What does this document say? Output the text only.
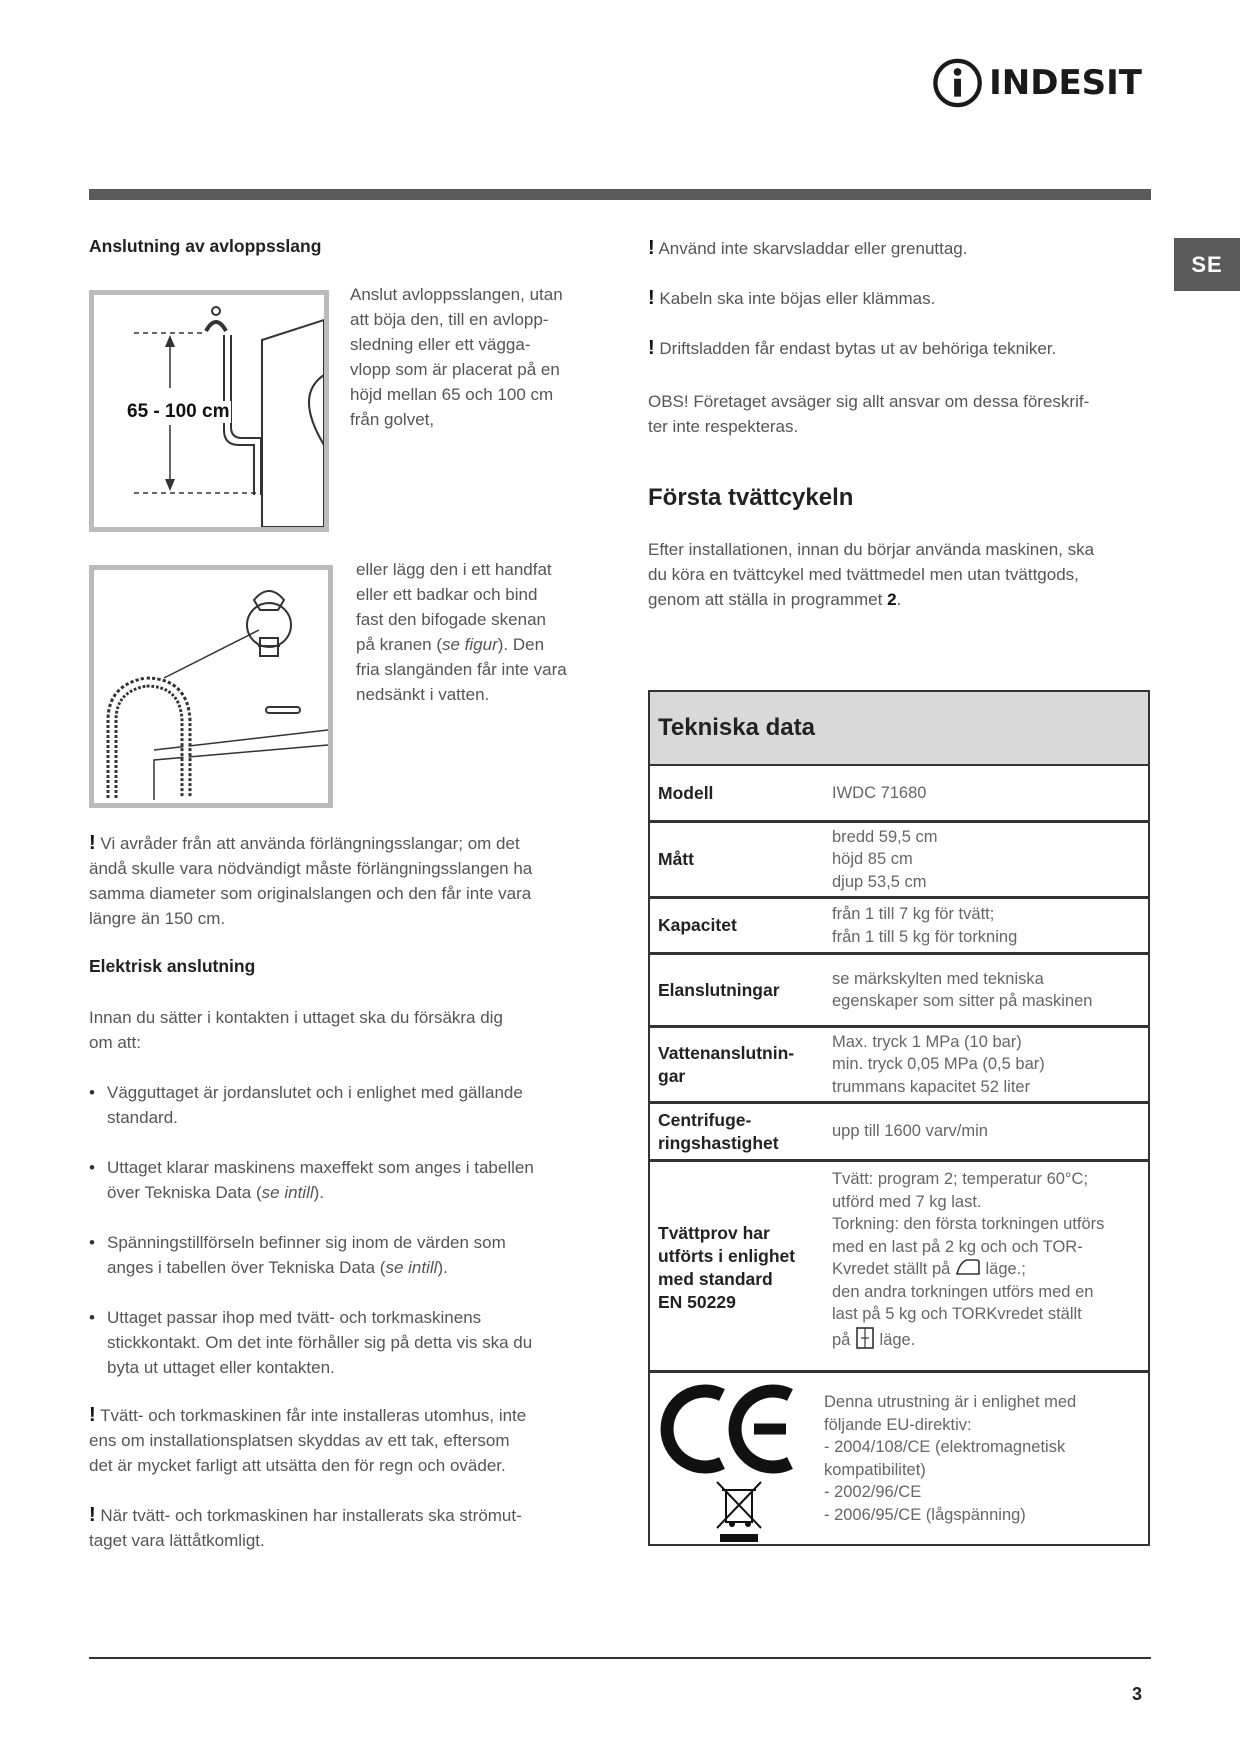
INDESIT
SE
Anslutning av avloppsslang
65 - 100 cm
Anslut avloppsslangen, utan
att böja den, till en avlopp-
sledning eller ett vägga-
vlopp som är placerat på en
höjd mellan 65 och 100 cm
från golvet,
eller lägg den i ett handfat
eller ett badkar och bind
fast den bifogade skenan
på kranen (se figur). Den
fria slangänden får inte vara
nedsänkt i vatten.
! Vi avråder från att använda förlängningsslangar; om det
ändå skulle vara nödvändigt måste förlängningsslangen ha
samma diameter som originalslangen och den får inte vara
längre än 150 cm.
Elektrisk anslutning
Innan du sätter i kontakten i uttaget ska du försäkra dig
om att:
• Vägguttaget är jordanslutet och i enlighet med gällande
standard.
• Uttaget klarar maskinens maxeffekt som anges i tabellen
över Tekniska Data (se intill).
• Spänningstillförseln befinner sig inom de värden som
anges i tabellen över Tekniska Data (se intill).
• Uttaget passar ihop med tvätt- och torkmaskinens
stickkontakt. Om det inte förhåller sig på detta vis ska du
byta ut uttaget eller kontakten.
! Tvätt- och torkmaskinen får inte installeras utomhus, inte
ens om installationsplatsen skyddas av ett tak, eftersom
det är mycket farligt att utsätta den för regn och oväder.
! När tvätt- och torkmaskinen har installerats ska strömut-
taget vara lättåtkomligt.
! Använd inte skarvsladdar eller grenuttag.
! Kabeln ska inte böjas eller klämmas.
! Driftsladden får endast bytas ut av behöriga tekniker.
OBS! Företaget avsäger sig allt ansvar om dessa föreskrif-
ter inte respekteras.
Första tvättcykeln
Efter installationen, innan du börjar använda maskinen, ska
du köra en tvättcykel med tvättmedel men utan tvättgods,
genom att ställa in programmet 2.
Tekniska data
Modell	IWDC 71680
Mått
bredd 59,5 cm
höjd 85 cm
djup 53,5 cm
Kapacitet
från 1 till 7 kg för tvätt;
från 1 till 5 kg för torkning
Elanslutningar
se märkskylten med tekniska
egenskaper som sitter på maskinen
Vattenanslutnin-
gar
Max. tryck 1 MPa (10 bar)
min. tryck 0,05 MPa (0,5 bar)
trummans kapacitet 52 liter
Centrifuge-
ringshastighet
upp till 1600 varv/min
Tvättprov har
utförts i enlighet
med standard
EN 50229
Tvätt: program 2; temperatur 60°C;
utförd med 7 kg last.
Torkning: den första torkningen utförs
med en last på 2 kg och och TOR-
Kvredet ställt på  läge.;
den andra torkningen utförs med en
last på 5 kg och TORKvredet ställt
på  läge.
Denna utrustning är i enlighet med
följande EU-direktiv:
- 2004/108/CE (elektromagnetisk
kompatibilitet)
- 2002/96/CE
- 2006/95/CE (lågspänning)
3
